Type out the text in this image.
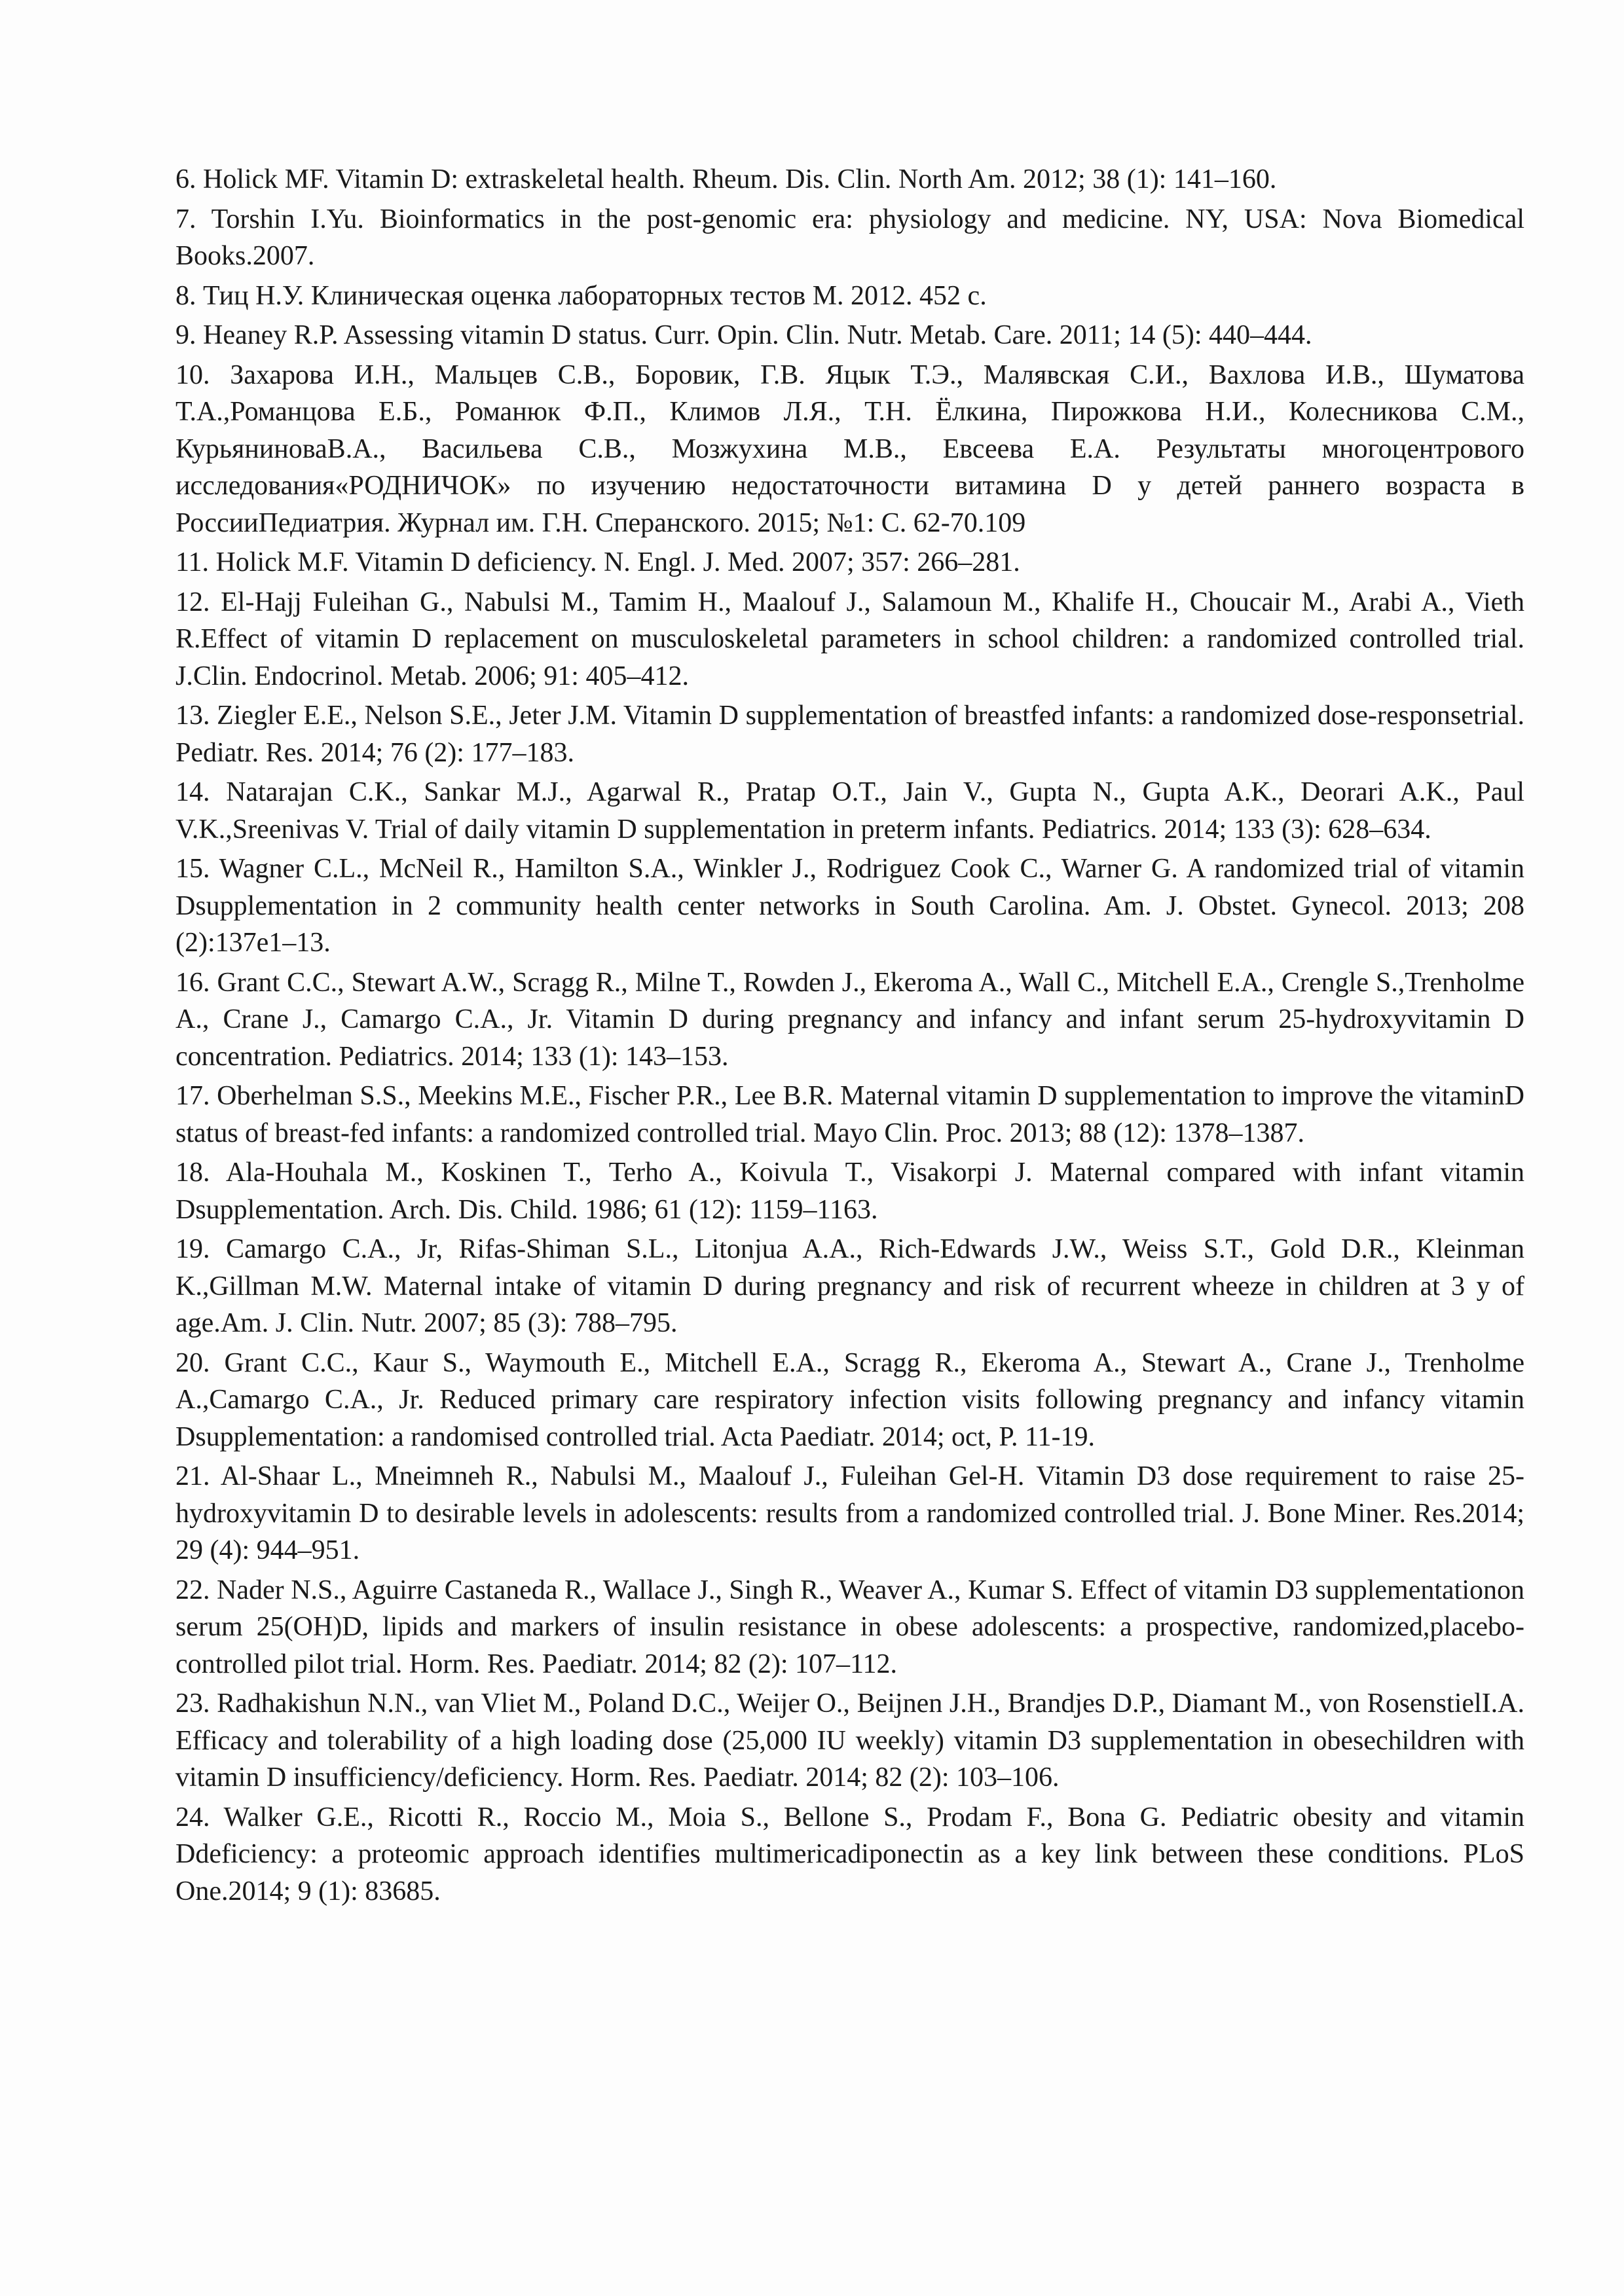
6. Holick MF. Vitamin D: extraskeletal health. Rheum. Dis. Clin. North Am. 2012; 38 (1): 141–160.
7. Torshin I.Yu. Bioinformatics in the post-genomic era: physiology and medicine. NY, USA: Nova Biomedical Books.2007.
8. Тиц Н.У. Клиническая оценка лабораторных тестов М. 2012. 452 с.
9. Heaney R.P. Assessing vitamin D status. Curr. Opin. Clin. Nutr. Metab. Care. 2011; 14 (5): 440–444.
10. Захарова И.Н., Мальцев С.В., Боровик, Г.В. Яцык Т.Э., Малявская С.И., Вахлова И.В., Шуматова Т.А.,Романцова Е.Б., Романюк Ф.П., Климов Л.Я., Т.Н. Ёлкина, Пирожкова Н.И., Колесникова С.М., КурьяниноваВ.А., Васильева С.В., Мозжухина М.В., Евсеева Е.А. Результаты многоцентрового исследования«РОДНИЧОК» по изучению недостаточности витамина D у детей раннего возраста в РоссииПедиатрия. Журнал им. Г.Н. Сперанского. 2015; №1: С. 62-70.109
11. Holick M.F. Vitamin D deficiency. N. Engl. J. Med. 2007; 357: 266–281.
12. El-Hajj Fuleihan G., Nabulsi M., Tamim H., Maalouf J., Salamoun M., Khalife H., Choucair M., Arabi A., Vieth R.Effect of vitamin D replacement on musculoskeletal parameters in school children: a randomized controlled trial. J.Clin. Endocrinol. Metab. 2006; 91: 405–412.
13. Ziegler E.E., Nelson S.E., Jeter J.M. Vitamin D supplementation of breastfed infants: a randomized dose-responsetrial. Pediatr. Res. 2014; 76 (2): 177–183.
14. Natarajan C.K., Sankar M.J., Agarwal R., Pratap O.T., Jain V., Gupta N., Gupta A.K., Deorari A.K., Paul V.K.,Sreenivas V. Trial of daily vitamin D supplementation in preterm infants. Pediatrics. 2014; 133 (3): 628–634.
15. Wagner C.L., McNeil R., Hamilton S.A., Winkler J., Rodriguez Cook C., Warner G. A randomized trial of vitamin Dsupplementation in 2 community health center networks in South Carolina. Am. J. Obstet. Gynecol. 2013; 208 (2):137e1–13.
16. Grant C.C., Stewart A.W., Scragg R., Milne T., Rowden J., Ekeroma A., Wall C., Mitchell E.A., Crengle S.,Trenholme A., Crane J., Camargo C.A., Jr. Vitamin D during pregnancy and infancy and infant serum 25-hydroxyvitamin D concentration. Pediatrics. 2014; 133 (1): 143–153.
17. Oberhelman S.S., Meekins M.E., Fischer P.R., Lee B.R. Maternal vitamin D supplementation to improve the vitaminD status of breast-fed infants: a randomized controlled trial. Mayo Clin. Proc. 2013; 88 (12): 1378–1387.
18. Ala-Houhala M., Koskinen T., Terho A., Koivula T., Visakorpi J. Maternal compared with infant vitamin Dsupplementation. Arch. Dis. Child. 1986; 61 (12): 1159–1163.
19. Camargo C.A., Jr, Rifas-Shiman S.L., Litonjua A.A., Rich-Edwards J.W., Weiss S.T., Gold D.R., Kleinman K.,Gillman M.W. Maternal intake of vitamin D during pregnancy and risk of recurrent wheeze in children at 3 y of age.Am. J. Clin. Nutr. 2007; 85 (3): 788–795.
20. Grant C.C., Kaur S., Waymouth E., Mitchell E.A., Scragg R., Ekeroma A., Stewart A., Crane J., Trenholme A.,Camargo C.A., Jr. Reduced primary care respiratory infection visits following pregnancy and infancy vitamin Dsupplementation: a randomised controlled trial. Acta Paediatr. 2014; oct, P. 11-19.
21. Al-Shaar L., Mneimneh R., Nabulsi M., Maalouf J., Fuleihan Gel-H. Vitamin D3 dose requirement to raise 25-hydroxyvitamin D to desirable levels in adolescents: results from a randomized controlled trial. J. Bone Miner. Res.2014; 29 (4): 944–951.
22. Nader N.S., Aguirre Castaneda R., Wallace J., Singh R., Weaver A., Kumar S. Effect of vitamin D3 supplementationon serum 25(OH)D, lipids and markers of insulin resistance in obese adolescents: a prospective, randomized,placebo-controlled pilot trial. Horm. Res. Paediatr. 2014; 82 (2): 107–112.
23. Radhakishun N.N., van Vliet M., Poland D.C., Weijer O., Beijnen J.H., Brandjes D.P., Diamant M., von RosenstielI.A. Efficacy and tolerability of a high loading dose (25,000 IU weekly) vitamin D3 supplementation in obesechildren with vitamin D insufficiency/deficiency. Horm. Res. Paediatr. 2014; 82 (2): 103–106.
24. Walker G.E., Ricotti R., Roccio M., Moia S., Bellone S., Prodam F., Bona G. Pediatric obesity and vitamin Ddeficiency: a proteomic approach identifies multimericadiponectin as a key link between these conditions. PLoS One.2014; 9 (1): 83685.
